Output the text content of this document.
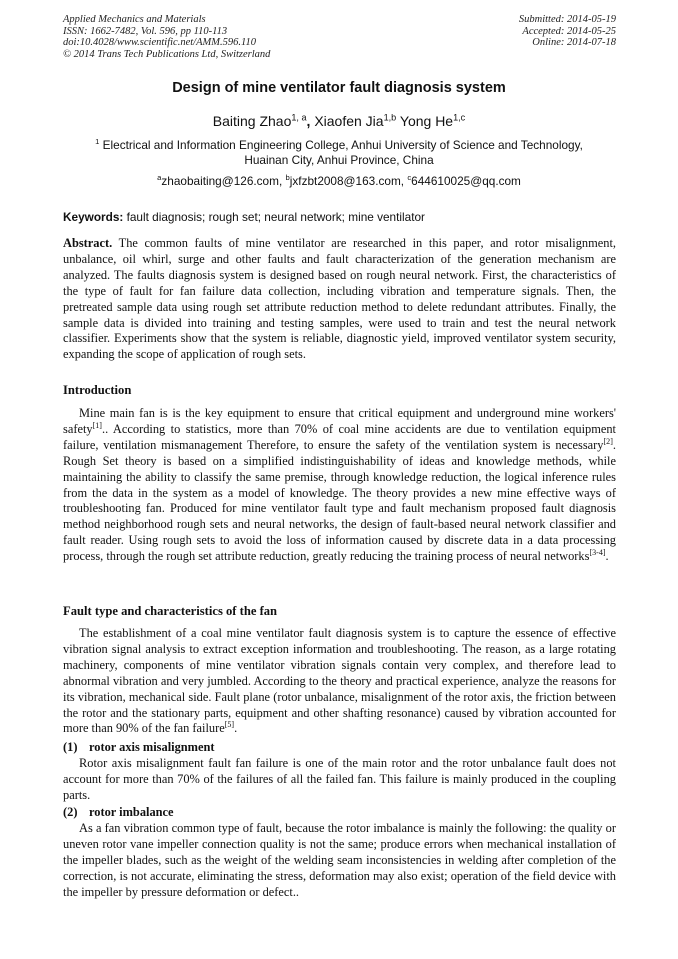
Applied Mechanics and Materials
ISSN: 1662-7482, Vol. 596, pp 110-113
doi:10.4028/www.scientific.net/AMM.596.110
© 2014 Trans Tech Publications Ltd, Switzerland
Submitted: 2014-05-19
Accepted: 2014-05-25
Online: 2014-07-18
Design of mine ventilator fault diagnosis system
Baiting Zhao$^{1, a}$, Xiaofen Jia$^{1,b}$ Yong He$^{1,c}$
$^1$ Electrical and Information Engineering College, Anhui University of Science and Technology,
Huainan City, Anhui Province, China
$^a$zhaobaiting@126.com, $^b$jxfzbt2008@163.com, $^c$644610025@qq.com
Keywords: fault diagnosis; rough set; neural network; mine ventilator

Abstract. The common faults of mine ventilator are researched in this paper, and rotor misalignment, unbalance, oil whirl, surge and other faults and fault characterization of the generation mechanism are analyzed. The faults diagnosis system is designed based on rough neural network. First, the characteristics of the type of fault for fan failure data collection, including vibration and temperature signals. Then, the pretreated sample data using rough set attribute reduction method to delete redundant attributes. Finally, the sample data is divided into training and testing samples, were used to train and test the neural network classifier. Experiments show that the system is reliable, diagnostic yield, improved ventilator system security, expanding the scope of application of rough sets.

Introduction

Mine main fan is is the key equipment to ensure that critical equipment and underground mine workers' safety[1].. According to statistics, more than 70% of coal mine accidents are due to ventilation equipment failure, ventilation mismanagement Therefore, to ensure the safety of the ventilation system is necessary[2]. Rough Set theory is based on a simplified indistinguishability of ideas and knowledge methods, while maintaining the ability to classify the same premise, through knowledge reduction, the logical inference rules from the data in the system as a model of knowledge. The theory provides a new mine effective ways of troubleshooting fan. Produced for mine ventilator fault type and fault mechanism proposed fault diagnosis method neighborhood rough sets and neural networks, the design of fault-based neural network classifier and fault reader. Using rough sets to avoid the loss of information caused by discrete data in a data processing process, through the rough set attribute reduction, greatly reducing the training process of neural networks[3-4].

Fault type and characteristics of the fan

The establishment of a coal mine ventilator fault diagnosis system is to capture the essence of effective vibration signal analysis to extract exception information and troubleshooting. The reason, as a large rotating machinery, components of mine ventilator vibration signals contain very complex, and therefore lead to abnormal vibration and very jumbled. According to the theory and practical experience, analyze the reasons for its vibration, mechanical side. Fault plane (rotor unbalance, misalignment of the rotor axis, the friction between the rotor and the stationary parts, equipment and other shafting resonance) caused by vibration accounted for more than 90% of the fan failure[5].

(1) rotor axis misalignment

Rotor axis misalignment fault fan failure is one of the main rotor and the rotor unbalance fault does not account for more than 70% of the failures of all the failed fan. This failure is mainly produced in the coupling parts.

(2) rotor imbalance

As a fan vibration common type of fault, because the rotor imbalance is mainly the following: the quality or uneven rotor vane impeller connection quality is not the same; produce errors when mechanical installation of the impeller blades, such as the weight of the welding seam inconsistencies in welding after completion of the correction, is not accurate, eliminating the stress, deformation may also exist; operation of the field device with the impeller by pressure deformation or defect..
